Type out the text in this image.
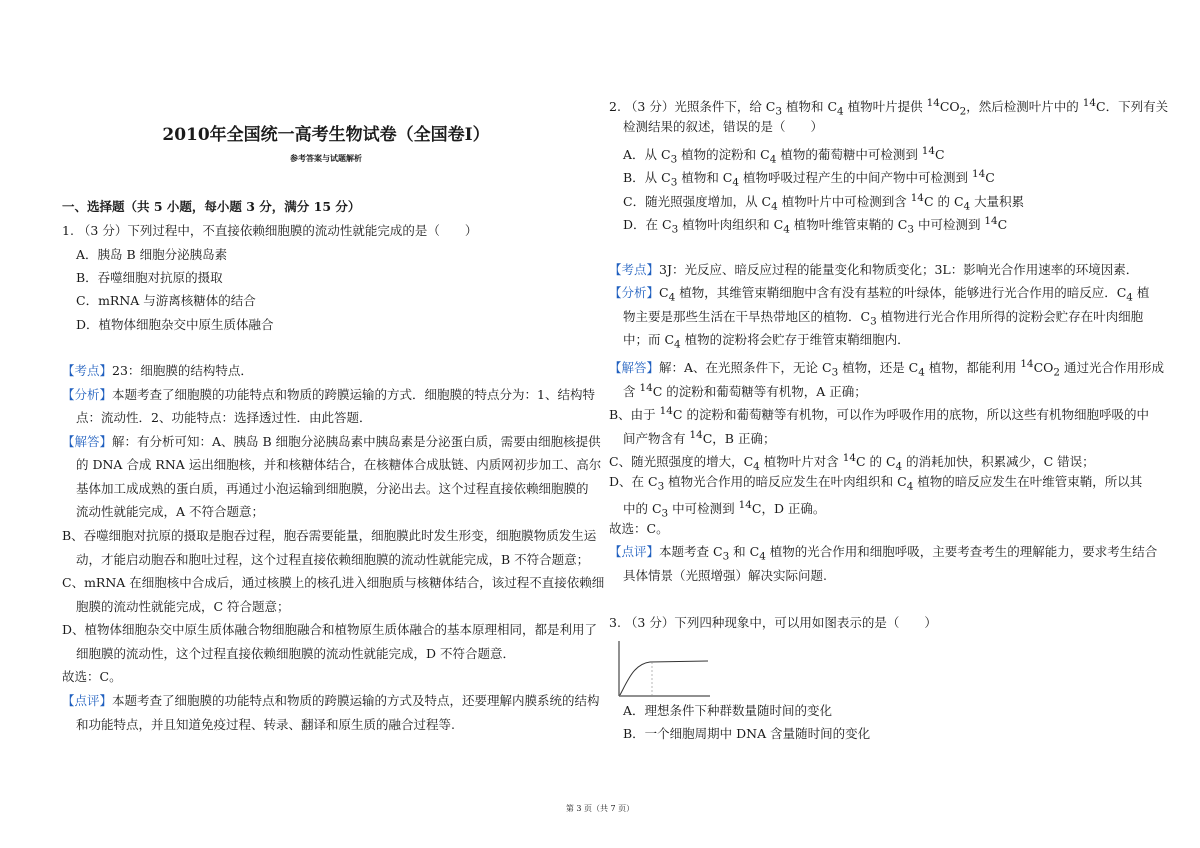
2010年全国统一高考生物试卷（全国卷Ⅰ）
参考答案与试题解析
一、选择题（共 5 小题，每小题 3 分，满分 15 分）
1. （3 分）下列过程中，不直接依赖细胞膜的流动性就能完成的是（　　）
A．胰岛 B 细胞分泌胰岛素
B．吞噬细胞对抗原的摄取
C．mRNA 与游离核糖体的结合
D．植物体细胞杂交中原生质体融合
【考点】23：细胞膜的结构特点．
【分析】本题考查了细胞膜的功能特点和物质的跨膜运输的方式．细胞膜的特点分为：1、结构特
点：流动性．2、功能特点：选择透过性．由此答题．
【解答】解：有分析可知：A、胰岛 B 细胞分泌胰岛素中胰岛素是分泌蛋白质，需要由细胞核提供
的 DNA 合成 RNA 运出细胞核，并和核糖体结合，在核糖体合成肽链、内质网初步加工、高尔
基体加工成成熟的蛋白质，再通过小泡运输到细胞膜，分泌出去。这个过程直接依赖细胞膜的
流动性就能完成，A 不符合题意；
B、吞噬细胞对抗原的摄取是胞吞过程，胞吞需要能量，细胞膜此时发生形变，细胞膜物质发生运
动，才能启动胞吞和胞吐过程，这个过程直接依赖细胞膜的流动性就能完成，B 不符合题意；
C、mRNA 在细胞核中合成后，通过核膜上的核孔进入细胞质与核糖体结合，该过程不直接依赖细
胞膜的流动性就能完成，C 符合题意；
D、植物体细胞杂交中原生质体融合物细胞融合和植物原生质体融合的基本原理相同，都是利用了
细胞膜的流动性，这个过程直接依赖细胞膜的流动性就能完成，D 不符合题意．
故选：C。
【点评】本题考查了细胞膜的功能特点和物质的跨膜运输的方式及特点，还要理解内膜系统的结构
和功能特点，并且知道免疫过程、转录、翻译和原生质的融合过程等.
2. （3 分）光照条件下，给 $C_3$ 植物和 $C_4$ 植物叶片提供 $^{14}CO_2$，然后检测叶片中的 $^{14}$C．下列有关
检测结果的叙述，错误的是（　　）
A．从 $C_3$ 植物的淀粉和 $C_4$ 植物的葡萄糖中可检测到 $^{14}$C
B．从 $C_3$ 植物和 $C_4$ 植物呼吸过程产生的中间产物中可检测到 $^{14}$C
C．随光照强度增加，从 $C_4$ 植物叶片中可检测到含 $^{14}$C 的 $C_4$ 大量积累
D．在 $C_3$ 植物叶肉组织和 $C_4$ 植物叶维管束鞘的 $C_3$ 中可检测到 $^{14}$C
【考点】3J：光反应、暗反应过程的能量变化和物质变化；3L：影响光合作用速率的环境因素．
【分析】$C_4$ 植物，其维管束鞘细胞中含有没有基粒的叶绿体，能够进行光合作用的暗反应．$C_4$ 植
物主要是那些生活在干旱热带地区的植物．$C_3$ 植物进行光合作用所得的淀粉会贮存在叶肉细胞
中；而 $C_4$ 植物的淀粉将会贮存于维管束鞘细胞内．
【解答】解：A、在光照条件下，无论 $C_3$ 植物，还是 $C_4$ 植物，都能利用 $^{14}CO_2$ 通过光合作用形成
含 $^{14}$C 的淀粉和葡萄糖等有机物，A 正确；
B、由于 $^{14}$C 的淀粉和葡萄糖等有机物，可以作为呼吸作用的底物，所以这些有机物细胞呼吸的中
间产物含有 $^{14}$C，B 正确；
C、随光照强度的增大，$C_4$ 植物叶片对含 $^{14}$C 的 $C_4$ 的消耗加快，积累减少，C 错误；
D、在 $C_3$ 植物光合作用的暗反应发生在叶肉组织和 $C_4$ 植物的暗反应发生在叶维管束鞘，所以其
中的 $C_3$ 中可检测到 $^{14}$C，D 正确。
故选：C。
【点评】本题考查 $C_3$ 和 $C_4$ 植物的光合作用和细胞呼吸，主要考查考生的理解能力，要求考生结合
具体情景（光照增强）解决实际问题.
3. （3 分）下列四种现象中，可以用如图表示的是（　　）
A．理想条件下种群数量随时间的变化
B．一个细胞周期中 DNA 含量随时间的变化
第 3 页（共 7 页）
